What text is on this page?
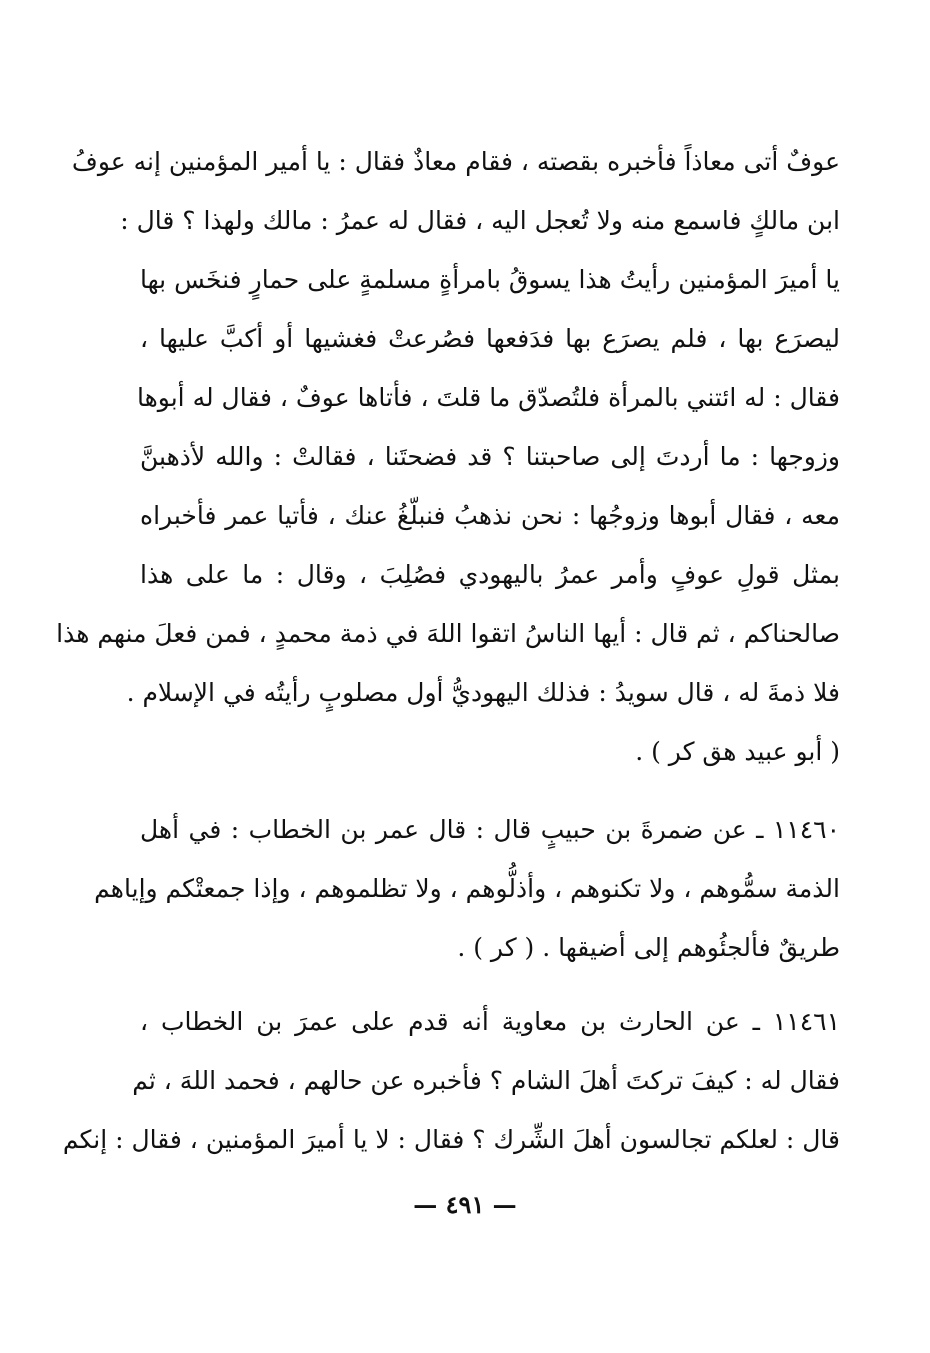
عوفٌ أتى معاذاً فأخبره بقصته ، فقام معاذٌ فقال : يا أمير المؤمنين إنه عوفُ
ابن مالكٍ فاسمع منه ولا تُعجل اليه ، فقال له عمرُ : مالك ولهذا ؟ قال :
يا أميرَ المؤمنين رأيتُ هذا يسوقُ بامرأةٍ مسلمةٍ على حمارٍ فنخَس بها
ليصرَع بها ، فلم يصرَع بها فدَفعها فصُرعتْ فغشيها أو أكبَّ عليها ،
فقال : له ائتني بالمرأة فلتُصدّق ما قلتَ ، فأتاها عوفٌ ، فقال له أبوها
وزوجها : ما أردتَ إلى صاحبتنا ؟ قد فضحتَنا ، فقالتْ : والله لأذهبنَّ
معه ، فقال أبوها وزوجُها : نحن نذهبُ فنبلّغُ عنك ، فأتيا عمر فأخبراه
بمثل قولِ عوفٍ وأمر عمرُ باليهودي فصُلِبَ ، وقال : ما على هذا
صالحناكم ، ثم قال : أيها الناسُ اتقوا اللهَ في ذمة محمدٍ ، فمن فعلَ منهم هذا
فلا ذمةَ له ، قال سويدُ : فذلك اليهوديُّ أول مصلوبٍ رأيتُه في الإسلام .
( أبو عبيد هق كر ) .
١١٤٦٠ ـ عن ضمرةَ بن حبيبٍ قال : قال عمر بن الخطاب : في أهل
الذمة سمُّوهم ، ولا تكنوهم ، وأذلُّوهم ، ولا تظلموهم ، وإذا جمعتْكم وإياهم
طريقٌ فألجئُوهم إلى أضيقها . ( كر ) .
١١٤٦١ ـ عن الحارث بن معاوية أنه قدم على عمرَ بن الخطاب ،
فقال له : كيفَ تركتَ أهلَ الشام ؟ فأخبره عن حالهم ، فحمد اللهَ ، ثم
قال : لعلكم تجالسون أهلَ الشِّرك ؟ فقال : لا يا أميرَ المؤمنين ، فقال : إنكم
— ٤٩١ —
